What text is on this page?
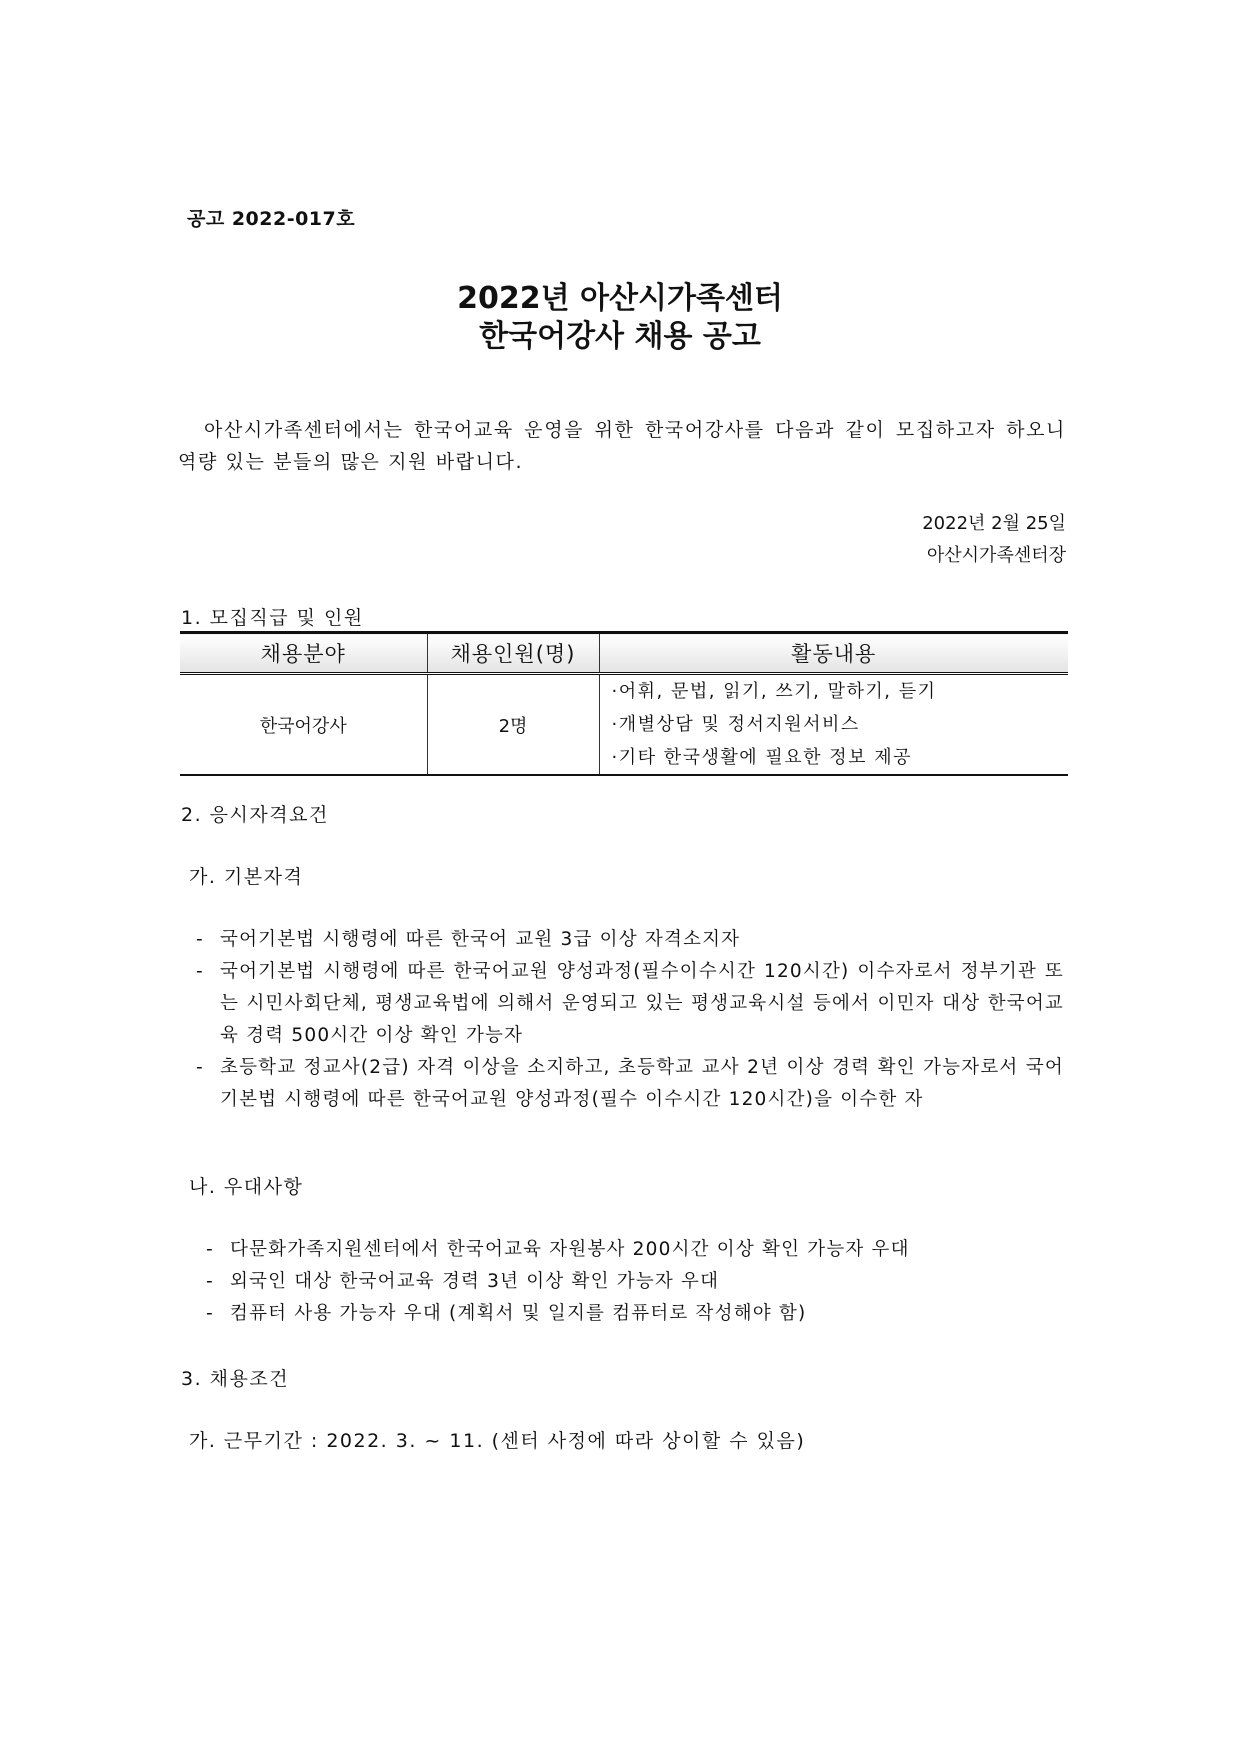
공고 2022-017호
2022년 아산시가족센터
한국어강사 채용 공고

아산시가족센터에서는 한국어교육 운영을 위한 한국어강사를 다음과 같이 모집하고자 하오니 역량 있는 분들의 많은 지원 바랍니다.

2022년 2월 25일
아산시가족센터장
1. 모집직급 및 인원
채용분야	채용인원(명)	활동내용
한국어강사	2명	·어휘, 문법, 읽기, 쓰기, 말하기, 듣기
·개별상담 및 정서지원서비스
·기타 한국생활에 필요한 정보 제공
2. 응시자격요건
가. 기본자격
- 국어기본법 시행령에 따른 한국어 교원 3급 이상 자격소지자
- 국어기본법 시행령에 따른 한국어교원 양성과정(필수이수시간 120시간) 이수자로서 정부기관 또는 시민사회단체, 평생교육법에 의해서 운영되고 있는 평생교육시설 등에서 이민자 대상 한국어교육 경력 500시간 이상 확인 가능자
- 초등학교 정교사(2급) 자격 이상을 소지하고, 초등학교 교사 2년 이상 경력 확인 가능자로서 국어기본법 시행령에 따른 한국어교원 양성과정(필수 이수시간 120시간)을 이수한 자
나. 우대사항
- 다문화가족지원센터에서 한국어교육 자원봉사 200시간 이상 확인 가능자 우대
- 외국인 대상 한국어교육 경력 3년 이상 확인 가능자 우대
- 컴퓨터 사용 가능자 우대 (계획서 및 일지를 컴퓨터로 작성해야 함)
3. 채용조건
가. 근무기간 : 2022. 3. ~ 11. (센터 사정에 따라 상이할 수 있음)
